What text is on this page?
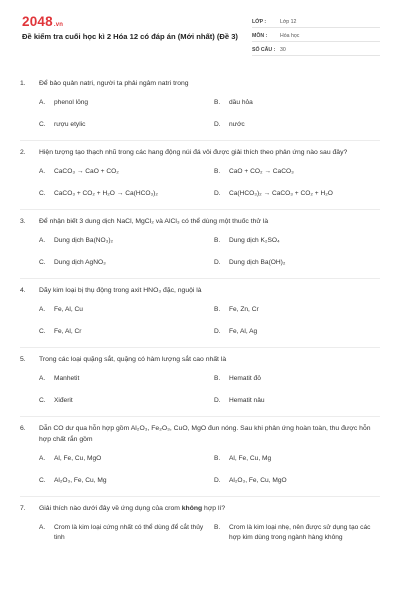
2048.vn
Đề kiểm tra cuối học kì 2 Hóa 12 có đáp án (Mới nhất) (Đề 3)
LỚP :	Lớp 12
MÔN :	Hóa học
SỐ CÂU : 30
1.	Để bảo quản natri, người ta phải ngâm natri trong
A.	phenol lỏng	B.	dầu hỏa
C.	rượu etylic	D.	nước
2.	Hiện tượng tạo thạch nhũ trong các hang động núi đá vôi được giải thích theo phản ứng nào sau đây?
A.	CaCO₃ → CaO + CO₂	B.	CaO + CO₂ → CaCO₃
C.	CaCO₃ + CO₂ + H₂O → Ca(HCO₃)₂	D.	Ca(HCO₃)₂ → CaCO₃ + CO₂ + H₂O
3.	Để nhận biết 3 dung dịch NaCl, MgCl₂ và AlCl₃ có thể dùng một thuốc thử là
A.	Dung dịch Ba(NO₃)₂	B.	Dung dịch K₂SO₄
C.	Dung dịch AgNO₃	D.	Dung dịch Ba(OH)₂
4.	Dãy kim loại bị thụ động trong axit HNO₃ đặc, nguội là
A.	Fe, Al, Cu	B.	Fe, Zn, Cr
C.	Fe, Al, Cr	D.	Fe, Al, Ag
5.	Trong các loại quặng sắt, quặng có hàm lượng sắt cao nhất là
A.	Manhetit	B.	Hematit đỏ
C.	Xiđerit	D.	Hematit nâu
6.	Dẫn CO dư qua hỗn hợp gồm Al₂O₃, Fe₂O₃, CuO, MgO đun nóng. Sau khi phản ứng hoàn toàn, thu được hỗn hợp chất rắn gồm
A.	Al, Fe, Cu, MgO	B.	Al, Fe, Cu, Mg
C.	Al₂O₃, Fe, Cu, Mg	D.	Al₂O₃, Fe, Cu, MgO
7.	Giải thích nào dưới đây về ứng dụng của crom không hợp lí?
A.	Crom là kim loại cứng nhất có thể dùng để cắt thủy tinh
B.	Crom là kim loại nhẹ, nên được sử dụng tạo các hợp kim dùng trong ngành hàng không
